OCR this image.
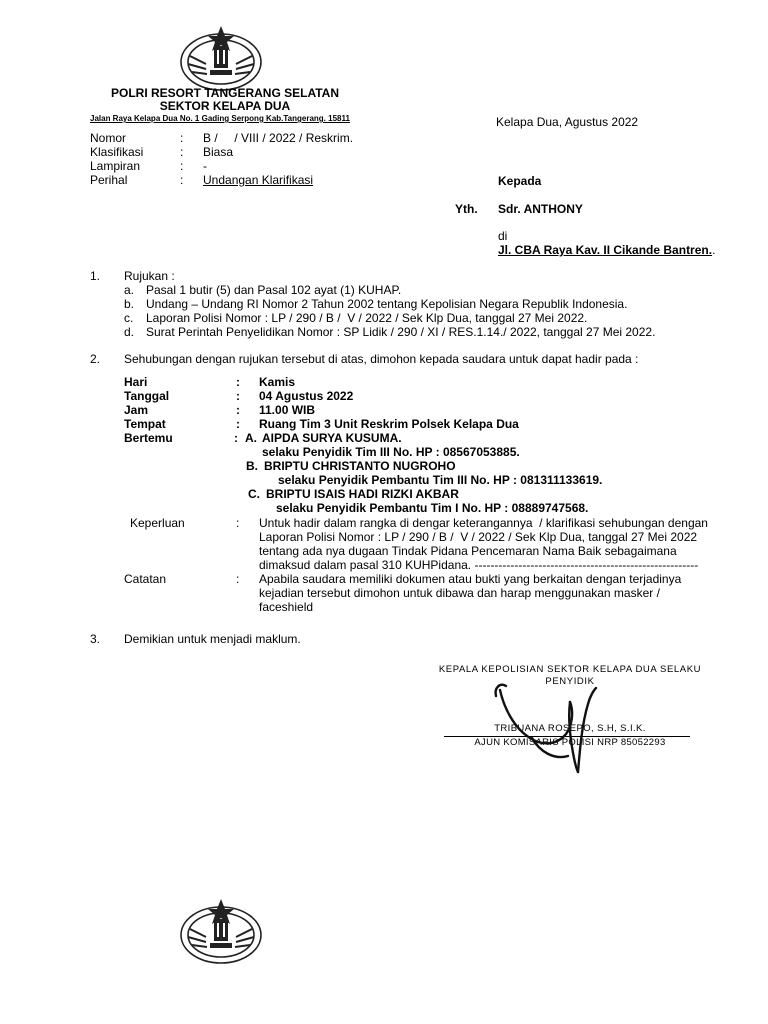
POLRI RESORT TANGERANG SELATAN
SEKTOR KELAPA DUA
Jalan Raya Kelapa Dua No. 1 Gading Serpong Kab.Tangerang. 15811	Kelapa Dua, Agustus 2022
Nomor	: B /     / VIII / 2022 / Reskrim.
Klasifikasi	: Biasa
Lampiran	: -
Perihal	: Undangan Klarifikasi	Kepada
Yth. Sdr. ANTHONY
di
Jl. CBA Raya Kav. II Cikande Bantren..
1. Rujukan :
a. Pasal 1 butir (5) dan Pasal 102 ayat (1) KUHAP.
b. Undang – Undang RI Nomor 2 Tahun 2002 tentang Kepolisian Negara Republik Indonesia.
c. Laporan Polisi Nomor : LP / 290 / B /  V / 2022 / Sek Klp Dua, tanggal 27 Mei 2022.
d. Surat Perintah Penyelidikan Nomor : SP Lidik / 290 / XI / RES.1.14./ 2022, tanggal 27 Mei 2022.
2. Sehubungan dengan rujukan tersebut di atas, dimohon kepada saudara untuk dapat hadir pada :
Hari	: Kamis
Tanggal	: 04 Agustus 2022
Jam	: 11.00 WIB
Tempat	: Ruang Tim 3 Unit Reskrim Polsek Kelapa Dua
Bertemu	: A. AIPDA SURYA KUSUMA.
selaku Penyidik Tim III No. HP : 08567053885.
B. BRIPTU CHRISTANTO NUGROHO
selaku Penyidik Pembantu Tim III No. HP : 081311133619.
C. BRIPTU ISAIS HADI RIZKI AKBAR
selaku Penyidik Pembantu Tim I No. HP : 08889747568.
Keperluan	: Untuk hadir dalam rangka di dengar keterangannya  / klarifikasi sehubungan dengan
Laporan Polisi Nomor : LP / 290 / B /  V / 2022 / Sek Klp Dua, tanggal 27 Mei 2022
tentang ada nya dugaan Tindak Pidana Pencemaran Nama Baik sebagaimana
dimaksud dalam pasal 310 KUHPidana. --------------------------------------------------------
Catatan	: Apabila saudara memiliki dokumen atau bukti yang berkaitan dengan terjadinya
kejadian tersebut dimohon untuk dibawa dan harap menggunakan masker /
faceshield
3. Demikian untuk menjadi maklum.
KEPALA KEPOLISIAN SEKTOR KELAPA DUA SELAKU
PENYIDIK
TRIBUANA ROSEPO, S.H, S.I.K.
AJUN KOMISARIS POLISI NRP 85052293
